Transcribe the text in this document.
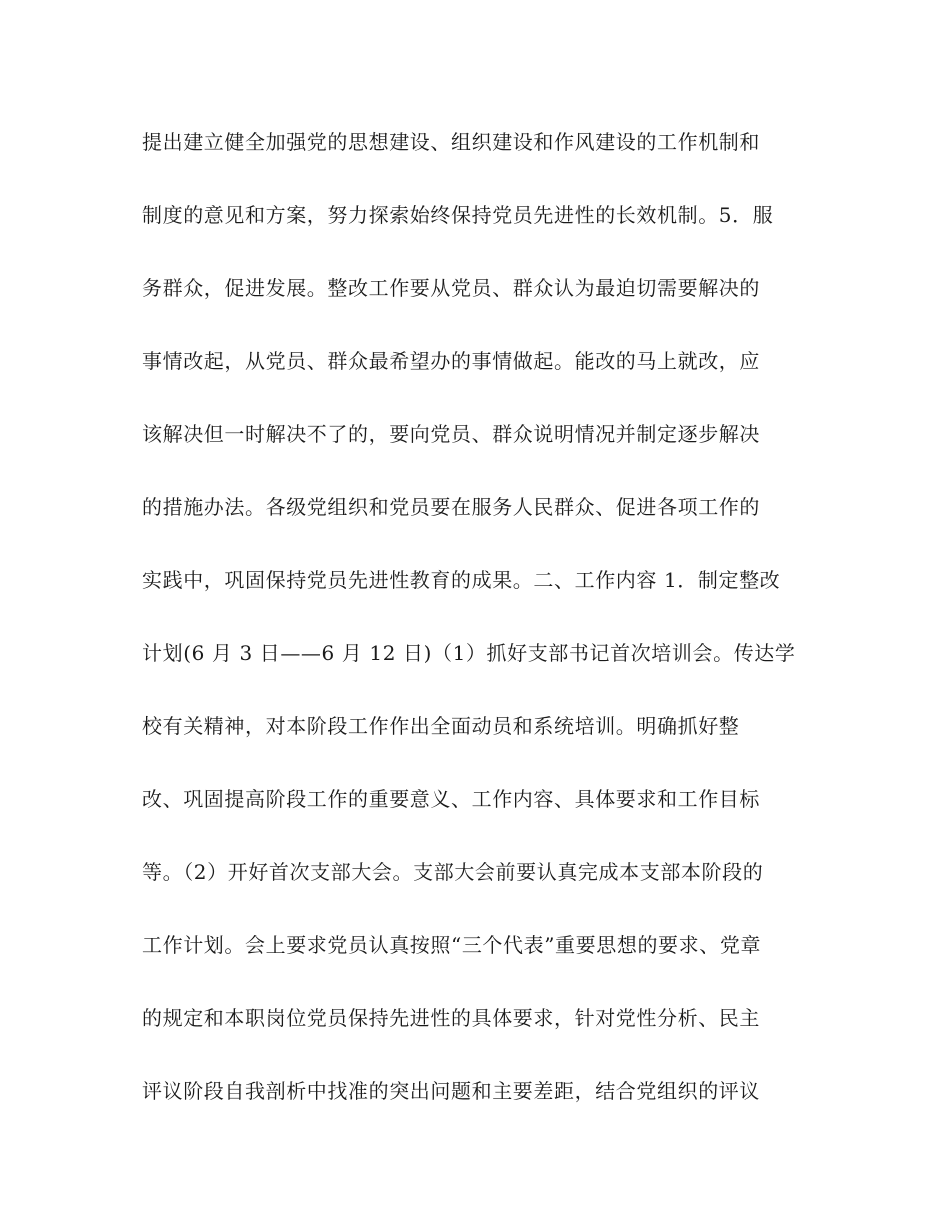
提出建立健全加强党的思想建设、组织建设和作风建设的工作机制和
制度的意见和方案，努力探索始终保持党员先进性的长效机制。5．服
务群众，促进发展。整改工作要从党员、群众认为最迫切需要解决的
事情改起，从党员、群众最希望办的事情做起。能改的马上就改，应
该解决但一时解决不了的，要向党员、群众说明情况并制定逐步解决
的措施办法。各级党组织和党员要在服务人民群众、促进各项工作的
实践中，巩固保持党员先进性教育的成果。二、工作内容 1．制定整改
计划(6 月 3 日——6 月 12 日)（1）抓好支部书记首次培训会。传达学
校有关精神，对本阶段工作作出全面动员和系统培训。明确抓好整
改、巩固提高阶段工作的重要意义、工作内容、具体要求和工作目标
等。（2）开好首次支部大会。支部大会前要认真完成本支部本阶段的
工作计划。会上要求党员认真按照“三个代表”重要思想的要求、党章
的规定和本职岗位党员保持先进性的具体要求，针对党性分析、民主
评议阶段自我剖析中找准的突出问题和主要差距，结合党组织的评议
